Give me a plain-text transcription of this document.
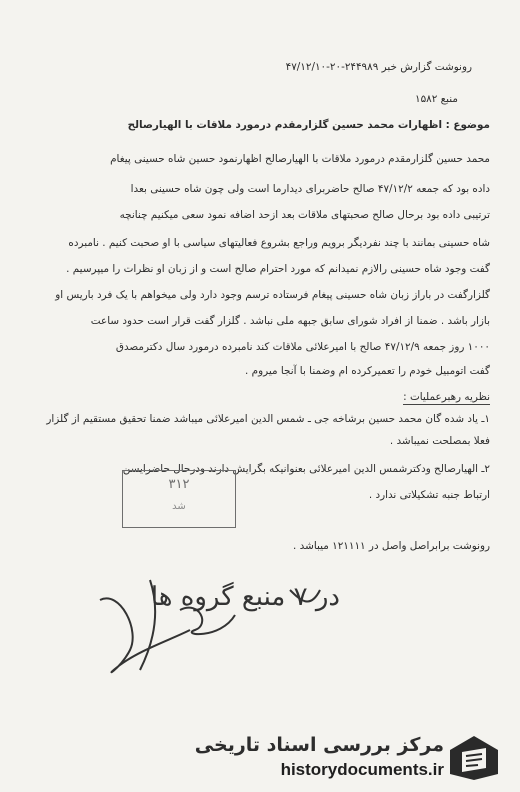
رونوشت گزارش خبر ۲۴۴۹۸۹-۲۰-۴۷/۱۲/۱۰
منبع ۱۵۸۲
موضوع : اظهارات محمد حسین گلزارمقدم درمورد ملاقات با الهیارصالح
محمد حسین گلزارمقدم درمورد ملاقات با الهیارصالح اظهارنمود حسین شاه حسینی پیغام
داده بود که جمعه ۴۷/۱۲/۲ صالح حاضربرای دیدارما است ولی چون شاه حسینی بعدا
ترتیبی داده بود برحال صالح صحبتهای ملاقات بعد ازحد اضافه نمود سعی میکنیم چنانچه
شاه حسینی بمانند با چند نفردیگر برویم وراجع بشروع فعالیتهای سیاسی با او صحبت کنیم . نامبرده
گفت وجود شاه حسینی رالازم نمیدانم که مورد احترام صالح است و از زبان او نظرات را میپرسیم .
گلزارگفت در باراز زبان شاه حسینی پیغام فرستاده ترسم وجود دارد ولی میخواهم با یک فرد باریس او
بازار باشد . ضمنا از افراد شورای سابق جبهه ملی نباشد . گلزار گفت قرار است حدود ساعت
۱۰۰۰ روز جمعه ۴۷/۱۲/۹ صالح با امیرعلائی ملاقات کند نامبرده درمورد سال دکترمصدق
گفت اتومبیل خودم را تعمیرکرده ام وضمنا با آنجا میروم .
نظریه رهبرعملیات :
۱ـ یاد شده گان محمد حسین برشاخه جی ـ شمس الدین امیرعلائی میباشد ضمنا تحقیق مستقیم از گلزار
فعلا بمصلحت نمیباشد .
۲ـ الهیارصالح ودکترشمس الدین امیرعلائی بعنوانیکه بگرایش دارند ودرحال حاضرایسن
ارتباط جنبه تشکیلاتی ندارد .
۳۱۲
شد
رونوشت برابراصل واصل در ۱۲۱۱۱۱ میباشد .
در ۷ منبع گروه ها
مرکز بررسی اسناد تاریخی
historydocuments.ir
